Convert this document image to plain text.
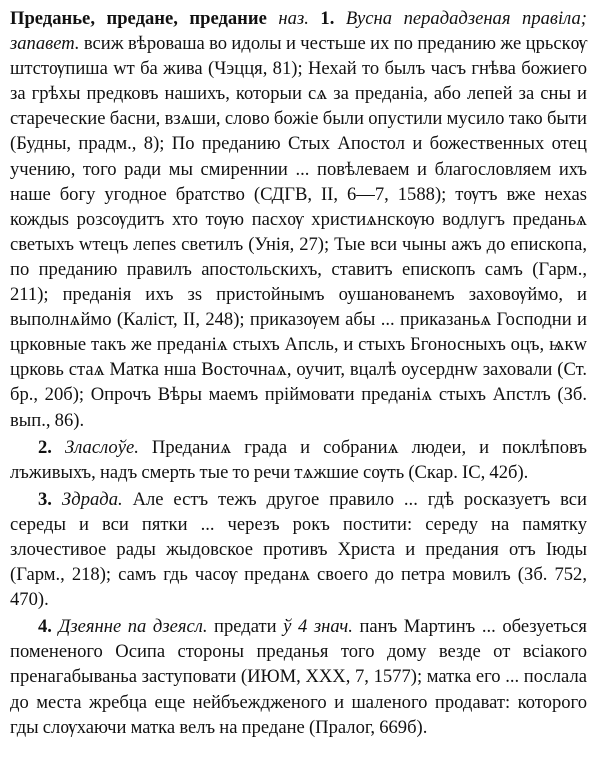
Преданье, предане, предание наз. 1. Вусна перададзеная правіла; запавет. всиж вѣроваша во идолы и честьше их по преданию же црьскѹ штстѹпиша wт ба жива (Чэцця, 81); Нехай то былъ часъ гнѣва божиего за грѣхы предковъ нашихъ, которыи сѧ за преданiа, або лепей за сны и стареческие басни, взѧши, слово божiе были опустили мусило тако быти (Будны, прадм., 8); По преданию Стых Апостол и божественных отец учению, того ради мы смиреннии ... повѣлеваем и благословляем ихъ наше богу угодное братство (СДГВ, II, 6—7, 1588); тѹтъ вже нехаs кождыs розсѹдитъ хто тѹю пасхѹ христиѧнскѹю водлугъ преданьѧ светыхъ wтецъ лепеs светилъ (Унія, 27); Тые вси чыны ажъ до епископа, по преданию правилъ апостольскихъ, ставитъ епископъ самъ (Гарм., 211); преданiя ихъ зs пристойнымъ оушанованемъ заховѹймо, и выполнѧймо (Каліст, II, 248); приказѹем абы ... приказаньѧ Господни и црковные такъ же преданiѧ стыхъ Апсль, и стыхъ Бгоносныхъ оцъ, ѩкw црковь стаѧ Матка нша Восточнаѧ, оучит, вцалѣ оусерднw заховали (Ст. бр., 20б); Опрочъ Вѣры маемъ прiймовати преданiѧ стыхъ Апстлъ (Зб. вып., 86).

2. Зласлоўе. Преданиѧ града и собраниѧ людеи, и поклѣповъ лъживыхъ, надъ смерть тые то речи тѧжшие сѹть (Скар. ІС, 42б).

3. Здрада. Але естъ тежъ другое правило ... гдѣ росказуетъ вси середы и вси пятки ... черезъ рокъ постити: середу на памятку злочестивое рады жыдовское противъ Христа и предания отъ Іюды (Гарм., 218); самъ гдь часѹ преданѧ своего до петра мовилъ (Зб. 752, 470).

4. Дзеянне па дзеясл. предати ў 4 знач. панъ Мартинъ ... обезуеться помененого Осипа стороны преданья того дому везде от всiакого пренагабываньа заступовати (ИЮМ, XXX, 7, 1577); матка его ... послала до места жребца еще нейбъеждженого и шаленого продават: которого гды слѹхаючи матка велъ на предане (Пралог, 669б).
